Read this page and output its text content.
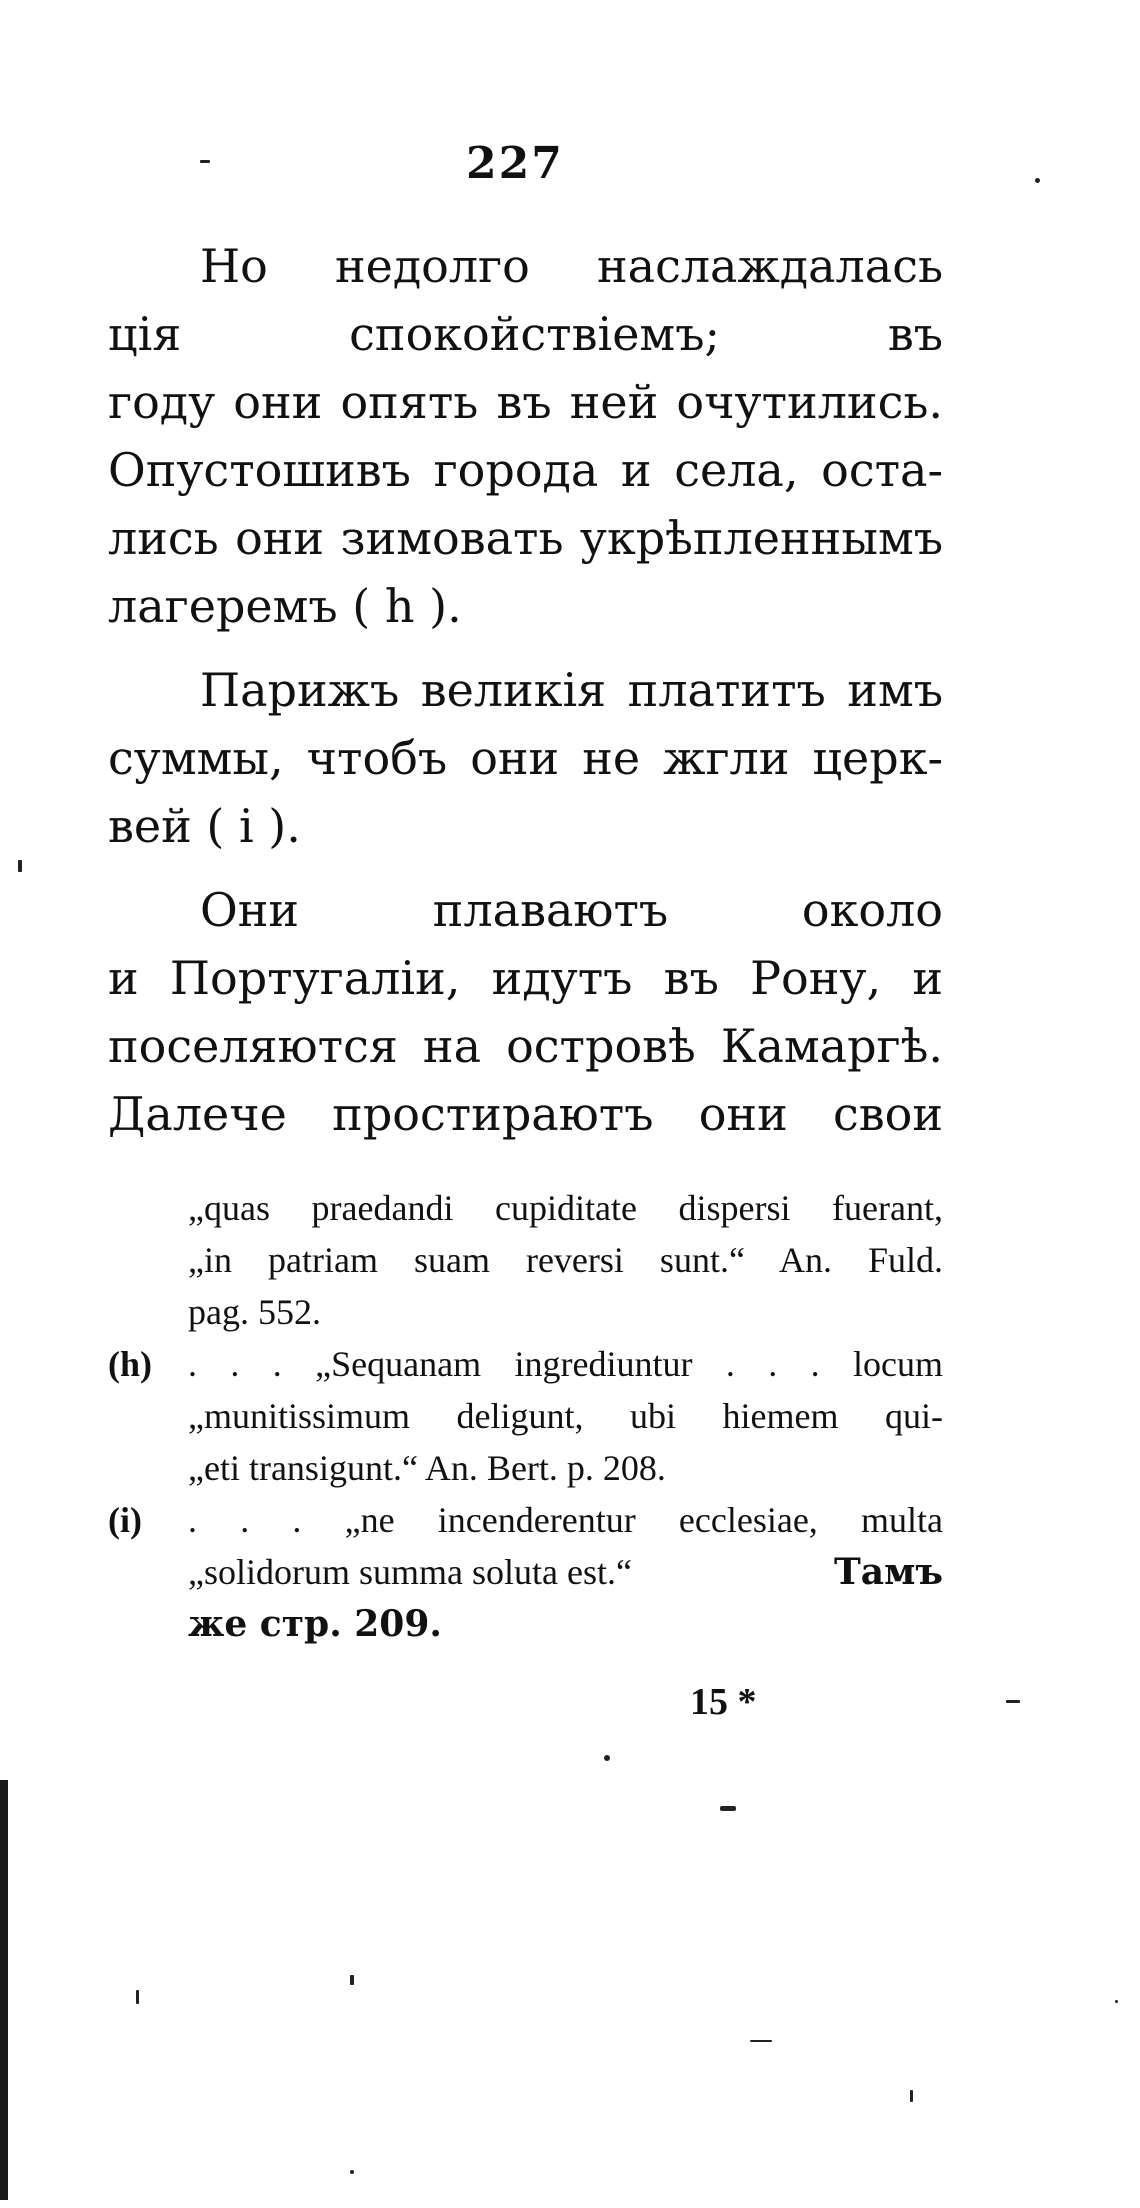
227
Но недолго наслаждалась
ція спокойствіемъ; въ
году они опять въ ней очутились.
Опустошивъ города и села, оста-
лись они зимовать укрѣпленнымъ
лагеремъ ( h ).
Парижъ великія платитъ имъ
суммы, чтобъ они не жгли церк-
вей ( i ).
Они плаваютъ около
и Португаліи, идутъ въ Рону, и
поселяются на островѣ Камаргѣ.
Далече простираютъ они свои
„quas praedandi cupiditate dispersi fuerant,
„in patriam suam reversi sunt.“ An. Fuld.
pag. 552.
(h)	. . . „Sequanam ingrediuntur . . . locum
„munitissimum deligunt, ubi hiemem qui-
„eti transigunt.“ An. Bert. p. 208.
(i)	. . . „ne incenderentur ecclesiae, multa
„solidorum summa soluta est.“	Тамъ
же стр. 209.
15 *
